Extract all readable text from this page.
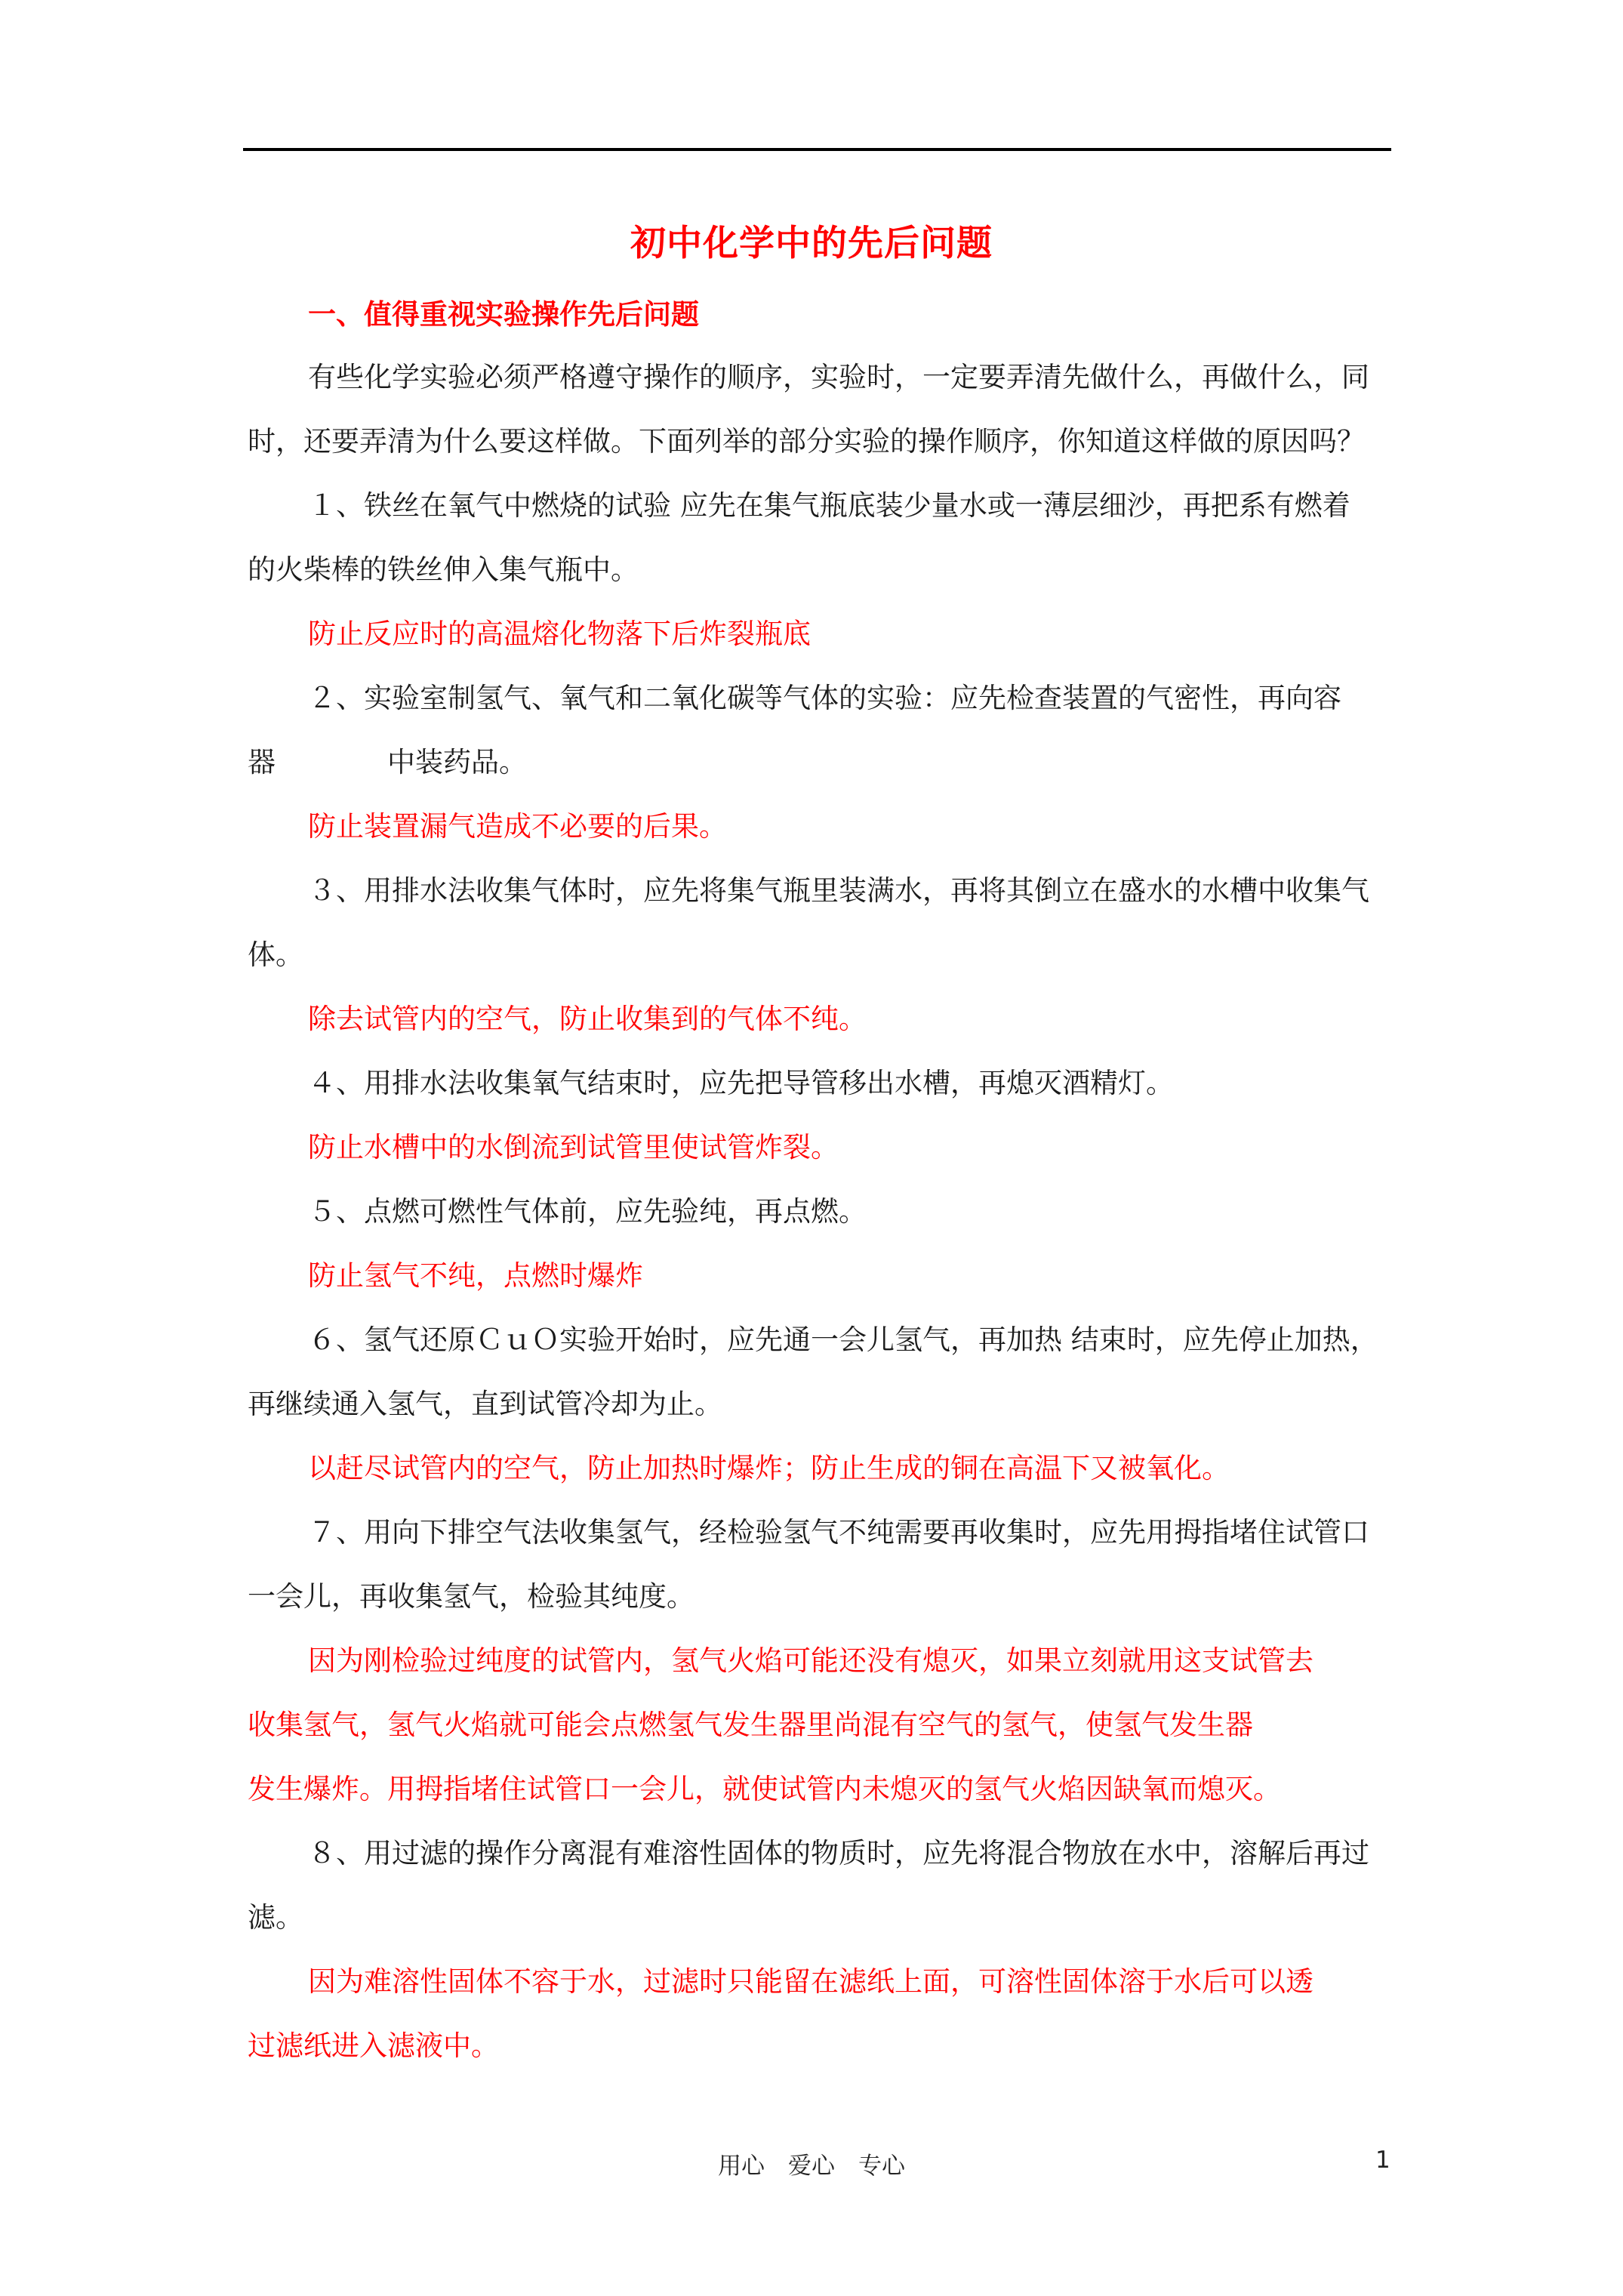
初中化学中的先后问题
一、值得重视实验操作先后问题
有些化学实验必须严格遵守操作的顺序，实验时，一定要弄清先做什么，再做什么，同
时，还要弄清为什么要这样做。下面列举的部分实验的操作顺序，你知道这样做的原因吗？
１、铁丝在氧气中燃烧的试验 应先在集气瓶底装少量水或一薄层细沙，再把系有燃着
的火柴棒的铁丝伸入集气瓶中。
防止反应时的高温熔化物落下后炸裂瓶底
２、实验室制氢气、氧气和二氧化碳等气体的实验：应先检查装置的气密性，再向容
器　　　　中装药品。
防止装置漏气造成不必要的后果。
３、用排水法收集气体时，应先将集气瓶里装满水，再将其倒立在盛水的水槽中收集气
体。
除去试管内的空气，防止收集到的气体不纯。
４、用排水法收集氧气结束时，应先把导管移出水槽，再熄灭酒精灯。
防止水槽中的水倒流到试管里使试管炸裂。
５、点燃可燃性气体前，应先验纯，再点燃。
防止氢气不纯，点燃时爆炸
６、氢气还原ＣｕＯ实验开始时，应先通一会儿氢气，再加热 结束时，应先停止加热，
再继续通入氢气，直到试管冷却为止。
以赶尽试管内的空气，防止加热时爆炸；防止生成的铜在高温下又被氧化。
７、用向下排空气法收集氢气，经检验氢气不纯需要再收集时，应先用拇指堵住试管口
一会儿，再收集氢气，检验其纯度。
因为刚检验过纯度的试管内，氢气火焰可能还没有熄灭，如果立刻就用这支试管去
收集氢气，氢气火焰就可能会点燃氢气发生器里尚混有空气的氢气，使氢气发生器
发生爆炸。用拇指堵住试管口一会儿，就使试管内未熄灭的氢气火焰因缺氧而熄灭。
８、用过滤的操作分离混有难溶性固体的物质时，应先将混合物放在水中，溶解后再过
滤。
因为难溶性固体不容于水，过滤时只能留在滤纸上面，可溶性固体溶于水后可以透
过滤纸进入滤液中。
用心　爱心　专心	1
